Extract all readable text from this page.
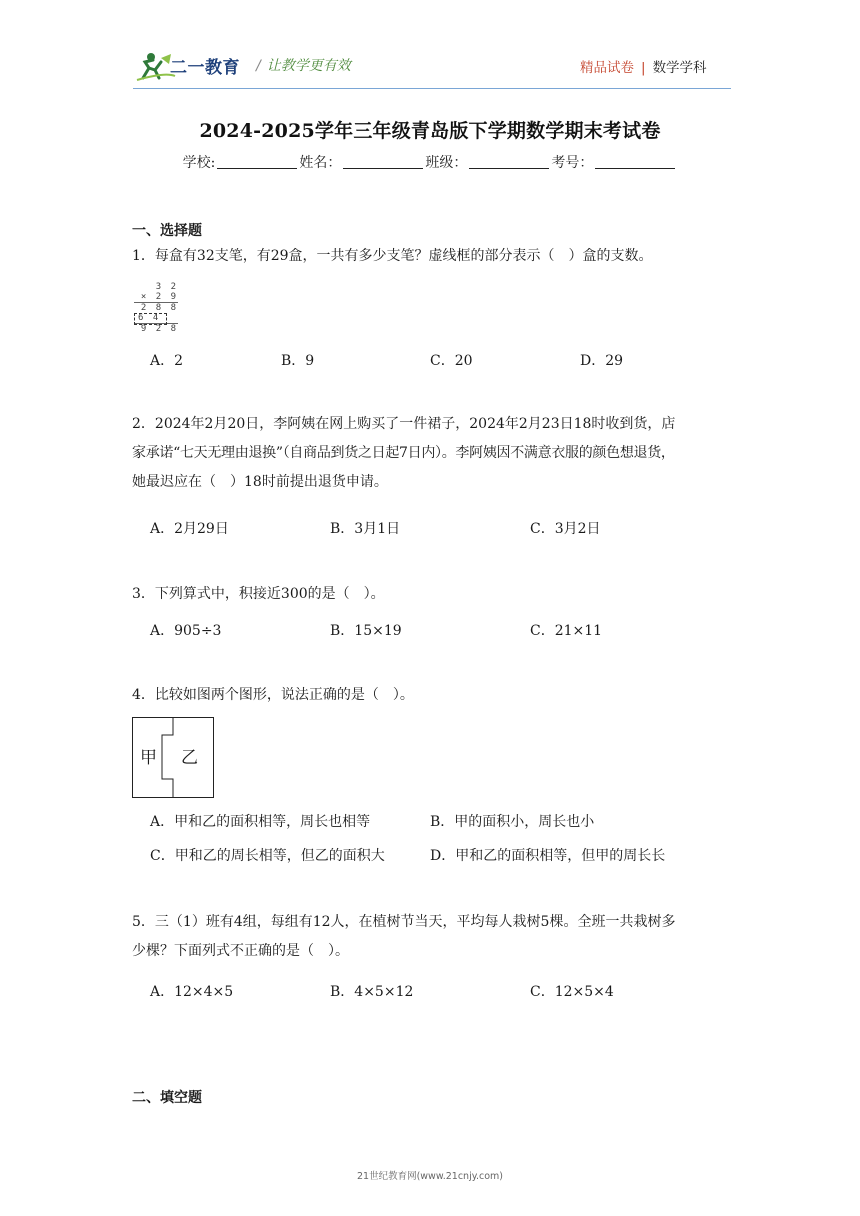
二一教育 / 让教学更有效	精品试卷 | 数学学科
2024-2025学年三年级青岛版下学期数学期末考试卷
学校:	姓名：	班级：	考号：
一、选择题
1．每盒有32支笔，有29盒，一共有多少支笔？虚线框的部分表示（　）盒的支数。
3 2
× 2 9
2 8 8
6 4
9 2 8
A．2	B．9	C．20	D．29
2．2024年2月20日，李阿姨在网上购买了一件裙子，2024年2月23日18时收到货，店
家承诺“七天无理由退换”（自商品到货之日起7日内）。李阿姨因不满意衣服的颜色想退货，
她最迟应在（　）18时前提出退货申请。
A．2月29日	B．3月1日	C．3月2日
3．下列算式中，积接近300的是（　）。
A．905÷3	B．15×19	C．21×11
4．比较如图两个图形，说法正确的是（　）。
甲 乙
A．甲和乙的面积相等，周长也相等	B．甲的面积小，周长也小
C．甲和乙的周长相等，但乙的面积大	D．甲和乙的面积相等，但甲的周长长
5．三（1）班有4组，每组有12人，在植树节当天，平均每人栽树5棵。全班一共栽树多
少棵？下面列式不正确的是（　）。
A．12×4×5	B．4×5×12	C．12×5×4
二、填空题
21世纪教育网(www.21cnjy.com)
